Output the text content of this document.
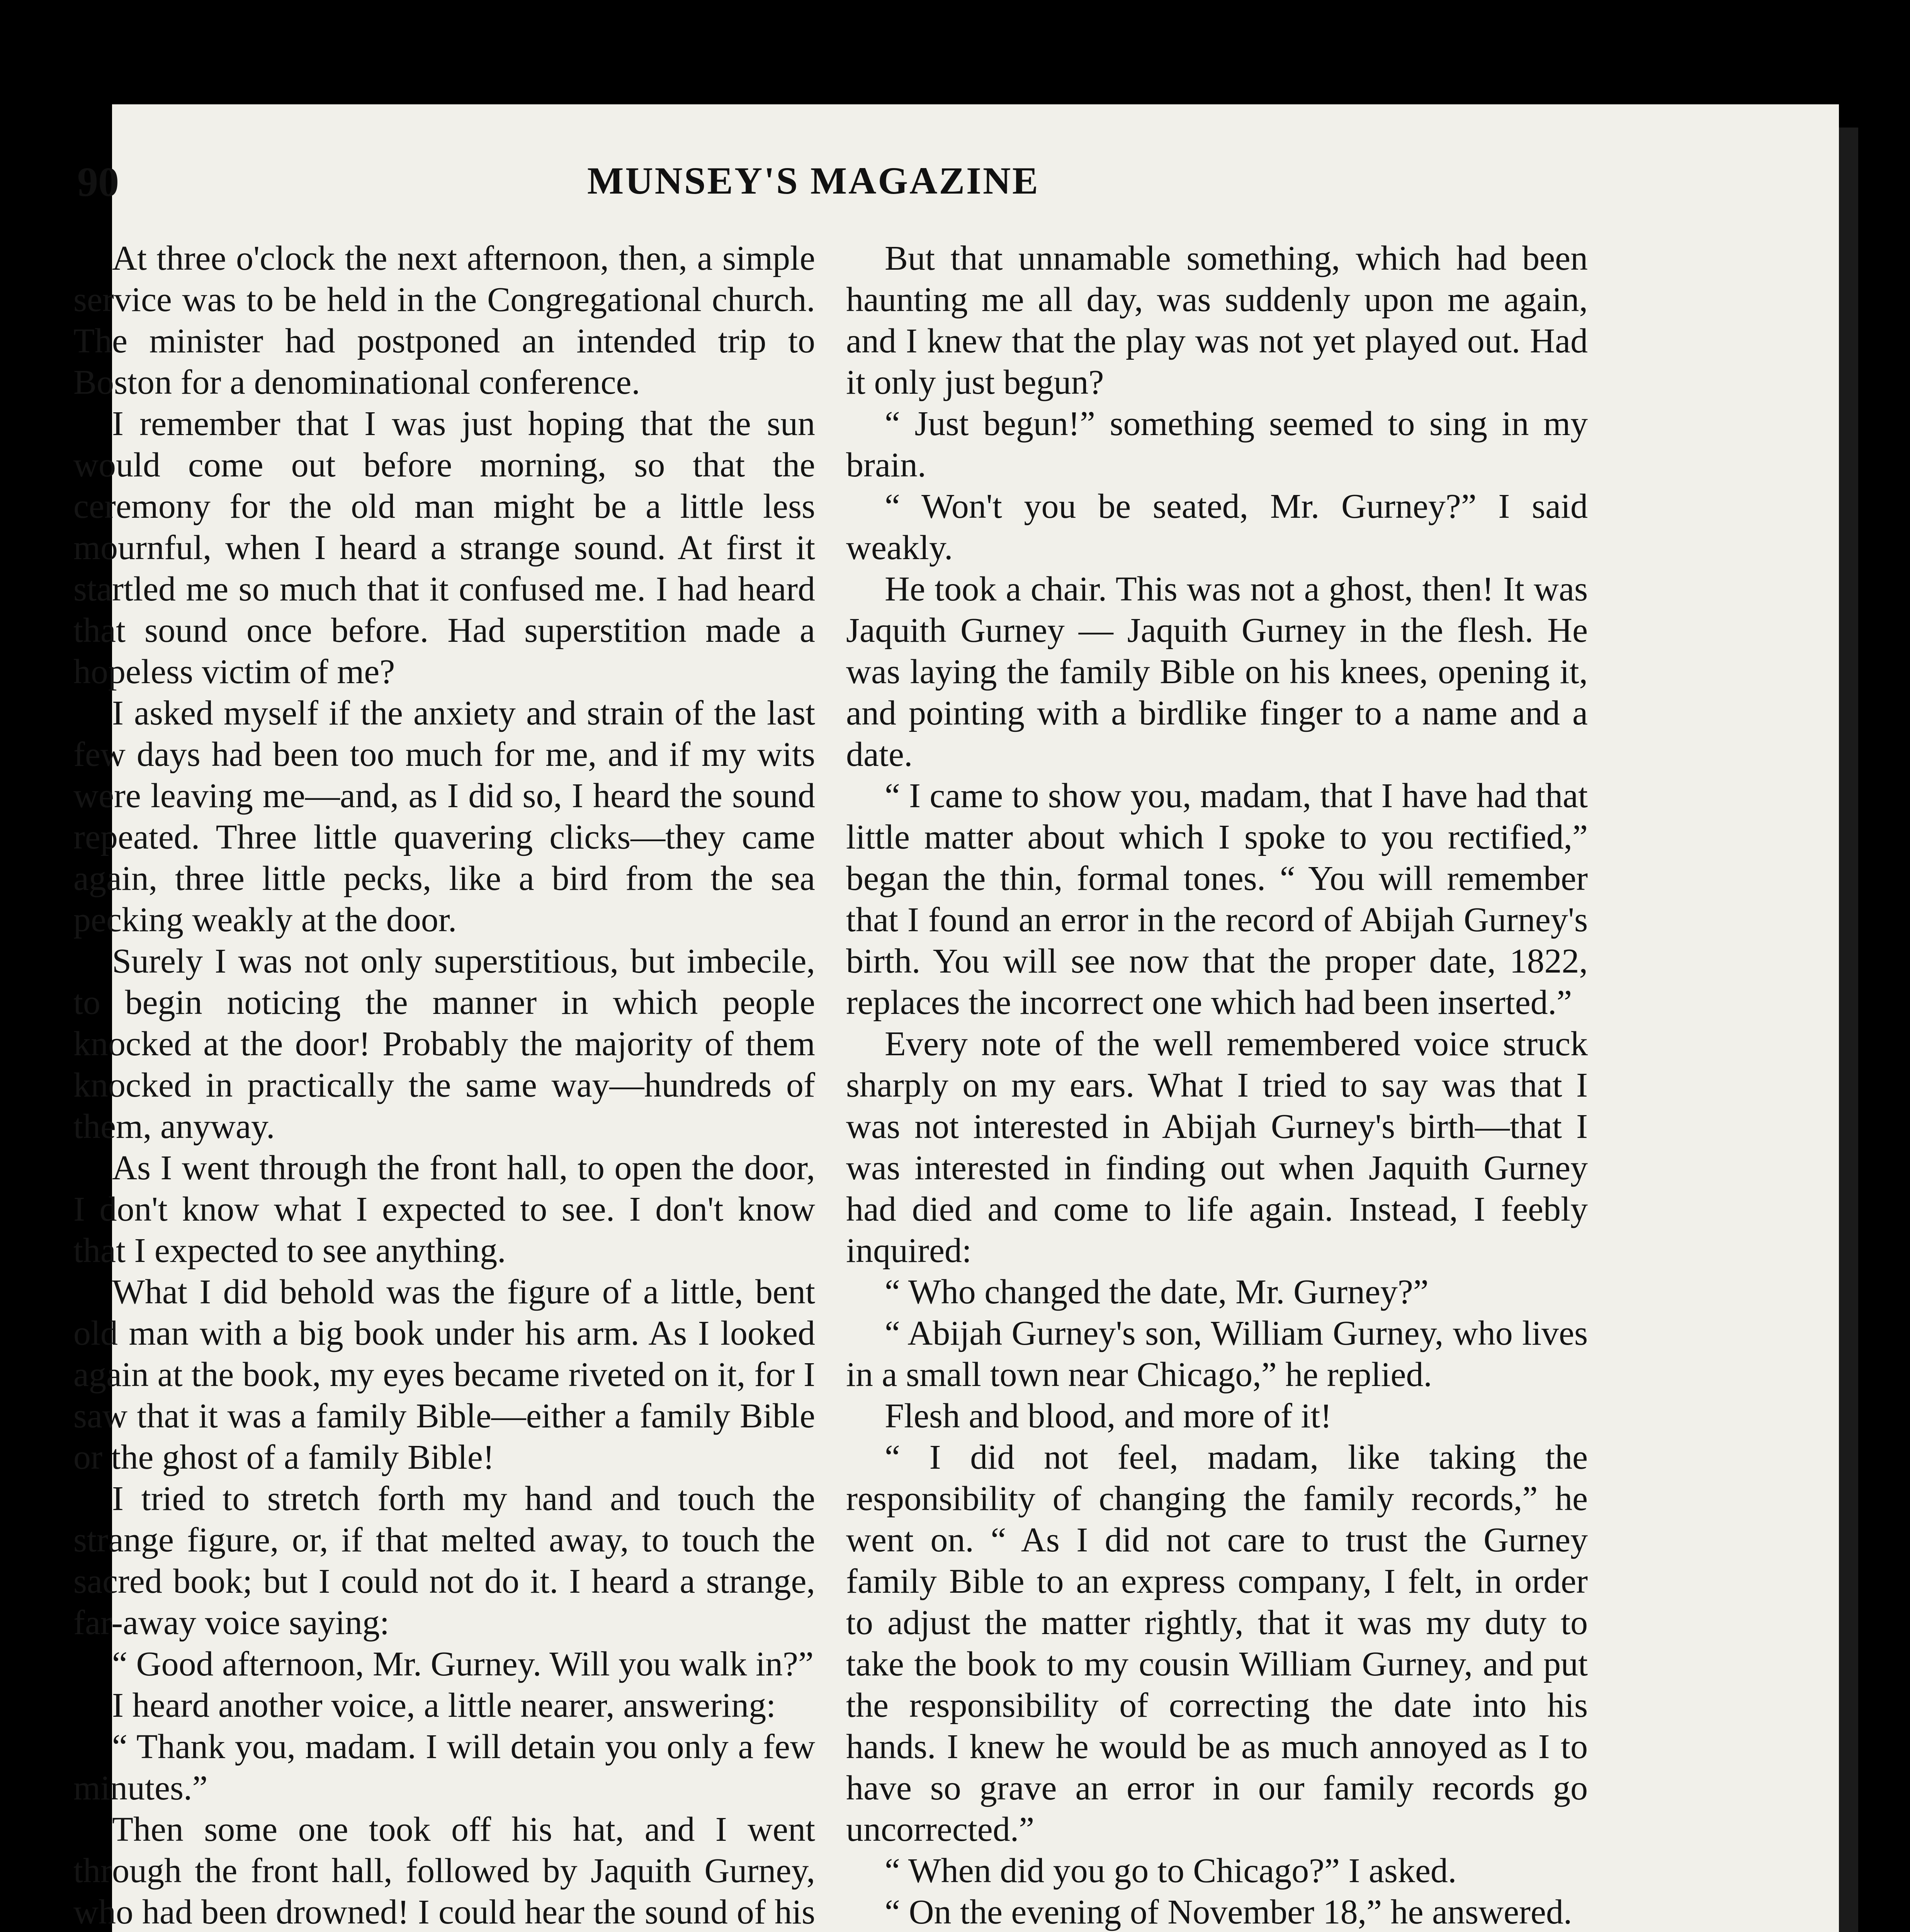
90	MUNSEY'S MAGAZINE

At three o'clock the next afternoon, then, a simple service was to be held in the Congregational church. The minister had postponed an intended trip to Boston for a denominational conference.

I remember that I was just hoping that the sun would come out before morning, so that the ceremony for the old man might be a little less mournful, when I heard a strange sound. At first it startled me so much that it confused me. I had heard that sound once before. Had superstition made a hopeless victim of me?

I asked myself if the anxiety and strain of the last few days had been too much for me, and if my wits were leaving me—and, as I did so, I heard the sound repeated. Three little quavering clicks—they came again, three little pecks, like a bird from the sea pecking weakly at the door.

Surely I was not only superstitious, but imbecile, to begin noticing the manner in which people knocked at the door! Probably the majority of them knocked in practically the same way—hundreds of them, anyway.

As I went through the front hall, to open the door, I don't know what I expected to see. I don't know that I expected to see anything.

What I did behold was the figure of a little, bent old man with a big book under his arm. As I looked again at the book, my eyes became riveted on it, for I saw that it was a family Bible—either a family Bible or the ghost of a family Bible!

I tried to stretch forth my hand and touch the strange figure, or, if that melted away, to touch the sacred book; but I could not do it. I heard a strange, far-away voice saying:

“ Good afternoon, Mr. Gurney. Will you walk in?”

I heard another voice, a little nearer, answering:

“ Thank you, madam. I will detain you only a few minutes.”

Then some one took off his hat, and I went through the front hall, followed by Jaquith Gurney, who had been drowned! I could hear the sound of his

But that unnamable something, which had been haunting me all day, was suddenly upon me again, and I knew that the play was not yet played out. Had it only just begun?

“ Just begun!” something seemed to sing in my brain.

“ Won't you be seated, Mr. Gurney?” I said weakly.

He took a chair. This was not a ghost, then! It was Jaquith Gurney — Jaquith Gurney in the flesh. He was laying the family Bible on his knees, opening it, and pointing with a birdlike finger to a name and a date.

“ I came to show you, madam, that I have had that little matter about which I spoke to you rectified,” began the thin, formal tones. “ You will remember that I found an error in the record of Abijah Gurney's birth. You will see now that the proper date, 1822, replaces the incorrect one which had been inserted.”

Every note of the well remembered voice struck sharply on my ears. What I tried to say was that I was not interested in Abijah Gurney's birth—that I was interested in finding out when Jaquith Gurney had died and come to life again. Instead, I feebly inquired:

“ Who changed the date, Mr. Gurney?”

“ Abijah Gurney's son, William Gurney, who lives in a small town near Chicago,” he replied.

Flesh and blood, and more of it!

“ I did not feel, madam, like taking the responsibility of changing the family records,” he went on. “ As I did not care to trust the Gurney family Bible to an express company, I felt, in order to adjust the matter rightly, that it was my duty to take the book to my cousin William Gurney, and put the responsibility of correcting the date into his hands. I knew he would be as much annoyed as I to have so grave an error in our family records go uncorrected.”

“ When did you go to Chicago?” I asked.

“ On the evening of November 18,” he answered.
